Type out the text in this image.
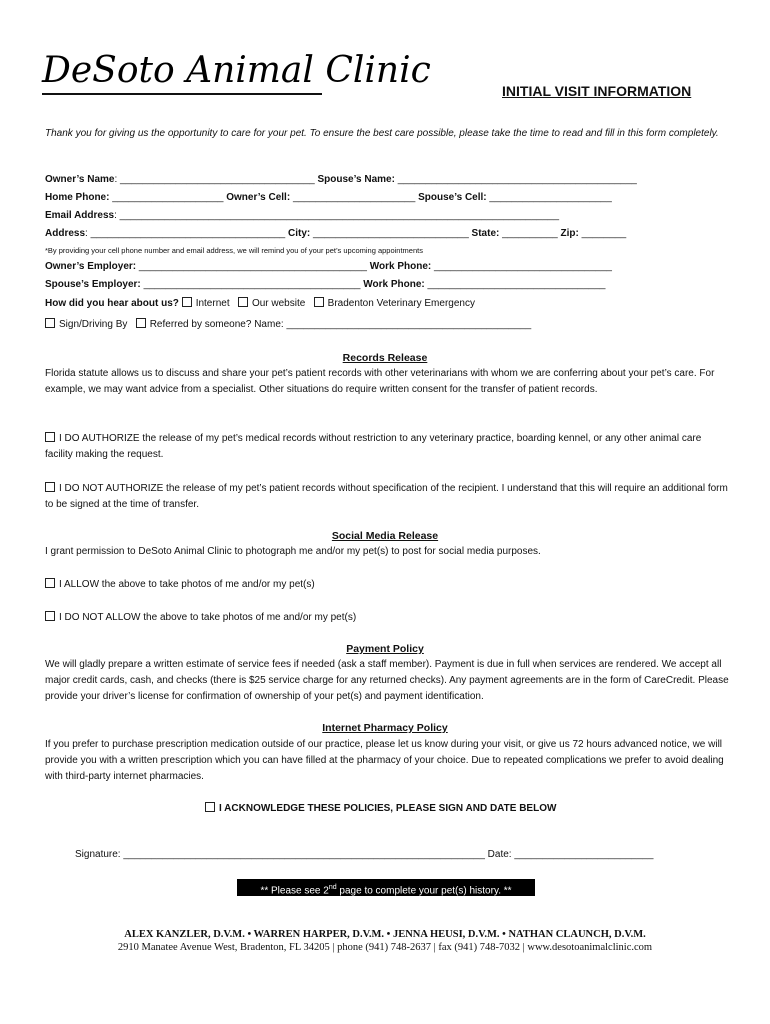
DeSoto Animal Clinic	INITIAL VISIT INFORMATION
Thank you for giving us the opportunity to care for your pet. To ensure the best care possible, please take the time to read and fill in this form completely.
Owner’s Name: ___________________________________ Spouse’s Name: ___________________________________________
Home Phone: ____________________ Owner’s Cell: ______________________ Spouse’s Cell: ______________________
Email Address: _______________________________________________________________________________
Address: ___________________________________ City: ____________________________ State: __________ Zip: ________
*By providing your cell phone number and email address, we will remind you of your pet’s upcoming appointments
Owner’s Employer: _________________________________________ Work Phone: ________________________________
Spouse’s Employer: _______________________________________ Work Phone: ________________________________
How did you hear about us? Internet Our website Bradenton Veterinary Emergency
Sign/Driving By Referred by someone? Name: ____________________________________________
Records Release
Florida statute allows us to discuss and share your pet’s patient records with other veterinarians with whom we are conferring about your pet’s care. For example, we may want advice from a specialist. Other situations do require written consent for the transfer of patient records.
I DO AUTHORIZE the release of my pet’s medical records without restriction to any veterinary practice, boarding kennel, or any other animal care facility making the request.
I DO NOT AUTHORIZE the release of my pet’s patient records without specification of the recipient. I understand that this will require an additional form to be signed at the time of transfer.
Social Media Release
I grant permission to DeSoto Animal Clinic to photograph me and/or my pet(s) to post for social media purposes.
I ALLOW the above to take photos of me and/or my pet(s)
I DO NOT ALLOW the above to take photos of me and/or my pet(s)
Payment Policy
We will gladly prepare a written estimate of service fees if needed (ask a staff member). Payment is due in full when services are rendered. We accept all major credit cards, cash, and checks (there is $25 service charge for any returned checks). Any payment agreements are in the form of CareCredit. Please provide your driver’s license for confirmation of ownership of your pet(s) and payment identification.
Internet Pharmacy Policy
If you prefer to purchase prescription medication outside of our practice, please let us know during your visit, or give us 72 hours advanced notice, we will provide you with a written prescription which you can have filled at the pharmacy of your choice. Due to repeated complications we prefer to avoid dealing with third-party internet pharmacies.
I ACKNOWLEDGE THESE POLICIES, PLEASE SIGN AND DATE BELOW
Signature: _________________________________________________________________ Date: _________________________
** Please see 2nd page to complete your pet(s) history. **
ALEX KANZLER, D.V.M. • WARREN HARPER, D.V.M. • JENNA HEUSI, D.V.M. • NATHAN CLAUNCH, D.V.M.
2910 Manatee Avenue West, Bradenton, FL 34205 | phone (941) 748-2637 | fax (941) 748-7032 | www.desotoanimalclinic.com
